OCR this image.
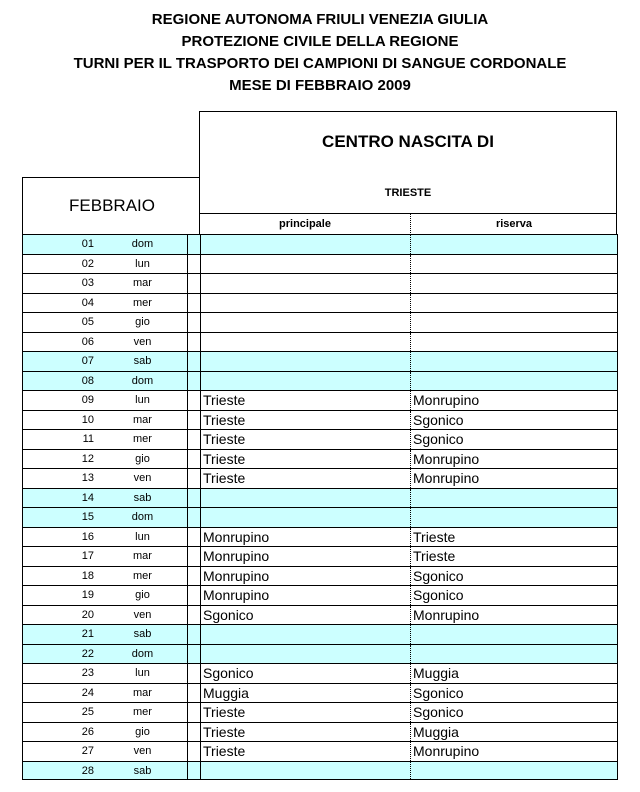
REGIONE AUTONOMA FRIULI VENEZIA GIULIA
PROTEZIONE CIVILE DELLA REGIONE
TURNI PER IL TRASPORTO DEI CAMPIONI DI SANGUE CORDONALE
MESE DI FEBBRAIO 2009
FEBBRAIO
CENTRO NASCITA DI
TRIESTE
principale	riserva
01	dom
02	lun
03	mar
04	mer
05	gio
06	ven
07	sab
08	dom
09	lun	Trieste	Monrupino
10	mar	Trieste	Sgonico
11	mer	Trieste	Sgonico
12	gio	Trieste	Monrupino
13	ven	Trieste	Monrupino
14	sab
15	dom
16	lun	Monrupino	Trieste
17	mar	Monrupino	Trieste
18	mer	Monrupino	Sgonico
19	gio	Monrupino	Sgonico
20	ven	Sgonico	Monrupino
21	sab
22	dom
23	lun	Sgonico	Muggia
24	mar	Muggia	Sgonico
25	mer	Trieste	Sgonico
26	gio	Trieste	Muggia
27	ven	Trieste	Monrupino
28	sab
